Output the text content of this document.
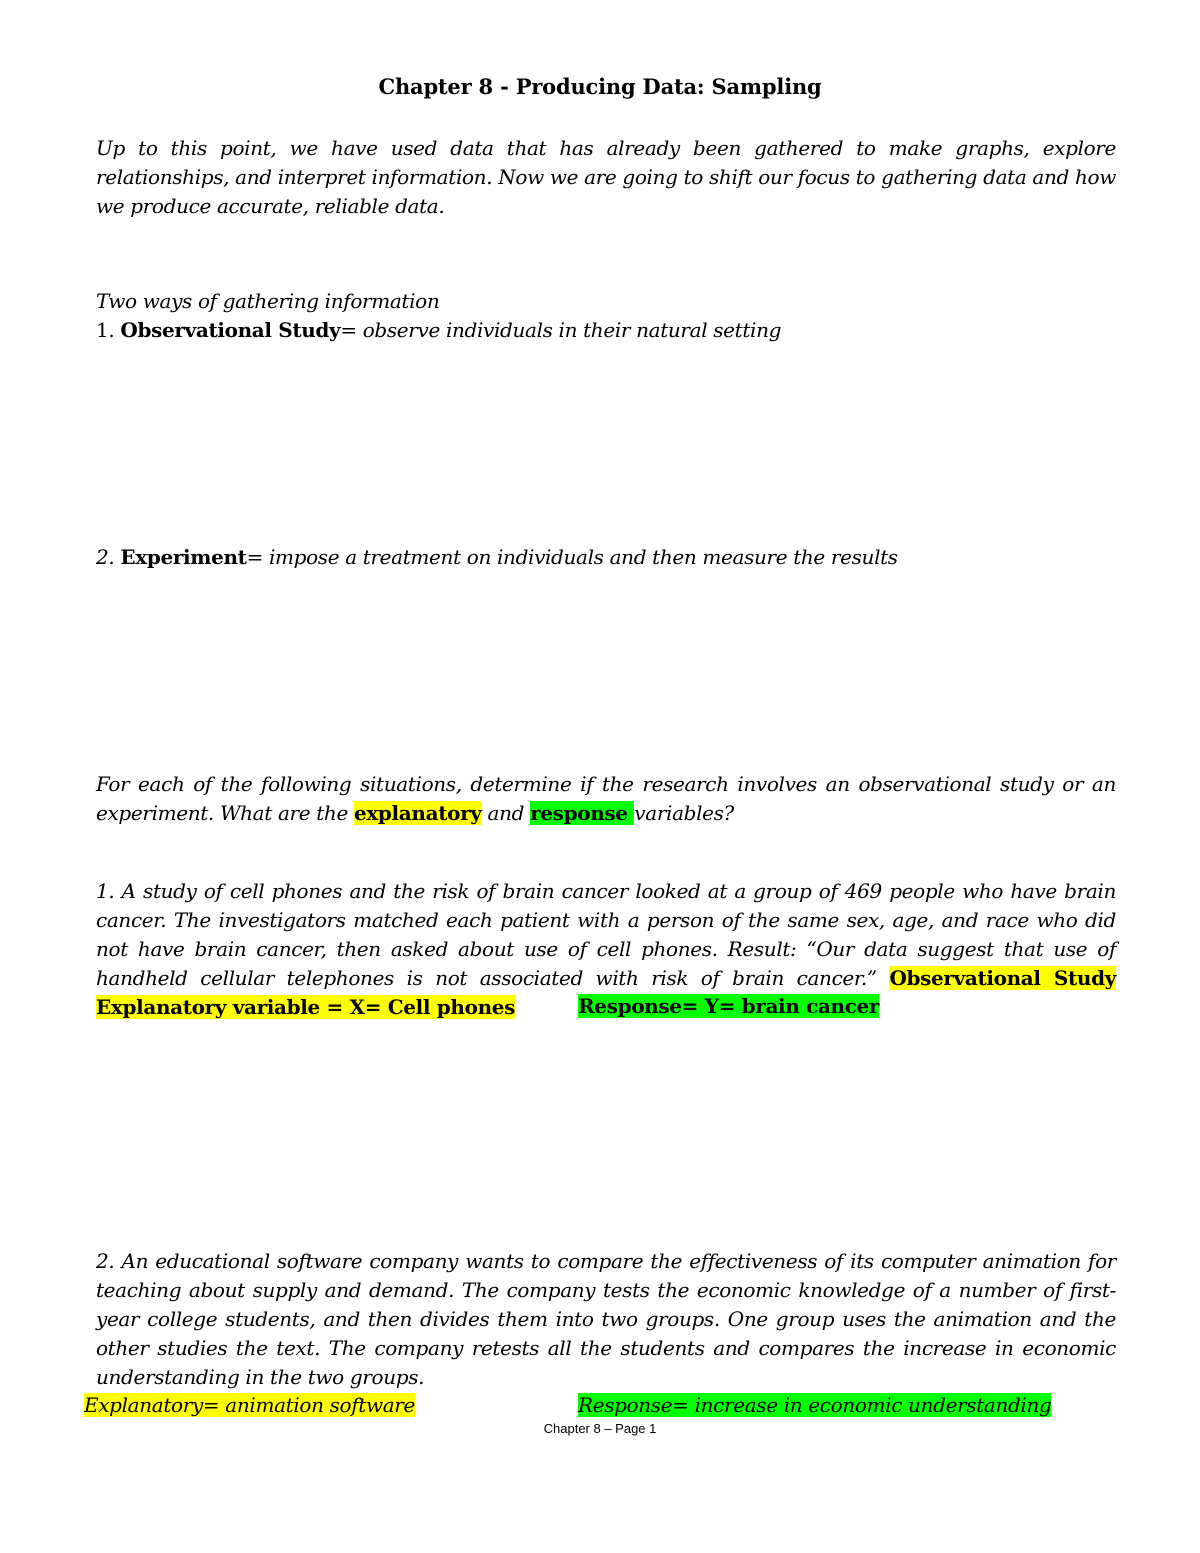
Chapter 8 - Producing Data: Sampling

Up to this point, we have used data that has already been gathered to make graphs, explore relationships, and interpret information. Now we are going to shift our focus to gathering data and how we produce accurate, reliable data.

Two ways of gathering information
1. Observational Study= observe individuals in their natural setting
2. Experiment= impose a treatment on individuals and then measure the results

For each of the following situations, determine if the research involves an observational study or an experiment. What are the explanatory and response variables?

1. A study of cell phones and the risk of brain cancer looked at a group of 469 people who have brain cancer. The investigators matched each patient with a person of the same sex, age, and race who did not have brain cancer, then asked about use of cell phones. Result: “Our data suggest that use of handheld cellular telephones is not associated with risk of brain cancer.” Observational Study Explanatory variable = X= Cell phones	Response= Y= brain cancer

2. An educational software company wants to compare the effectiveness of its computer animation for teaching about supply and demand. The company tests the economic knowledge of a number of first-year college students, and then divides them into two groups. One group uses the animation and the other studies the text. The company retests all the students and compares the increase in economic understanding in the two groups.

Explanatory= animation software	Response= increase in economic understanding
Chapter 8 – Page 1
